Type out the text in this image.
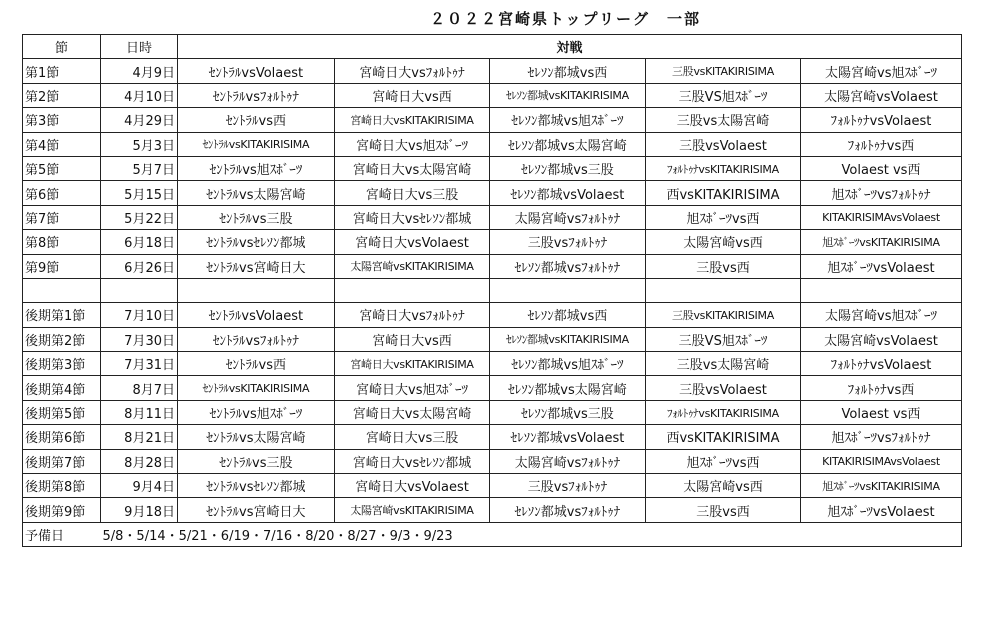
２０２２宮崎県トップリーグ　一部
節	日時	対戦				
第1節	4月9日	ｾﾝﾄﾗﾙvsVolaest	宮崎日大vsﾌｫﾙﾄｩﾅ	ｾﾚｿﾝ都城vs西	三股vsKITAKIRISIMA	太陽宮崎vs旭ｽﾎﾞｰﾂ
第2節	4月10日	ｾﾝﾄﾗﾙvsﾌｫﾙﾄｩﾅ	宮崎日大vs西	ｾﾚｿﾝ都城vsKITAKIRISIMA	三股VS旭ｽﾎﾞｰﾂ	太陽宮崎vsVolaest
第3節	4月29日	ｾﾝﾄﾗﾙvs西	宮崎日大vsKITAKIRISIMA	ｾﾚｿﾝ都城vs旭ｽﾎﾞｰﾂ	三股vs太陽宮崎	ﾌｫﾙﾄｩﾅvsVolaest
第4節	5月3日	ｾﾝﾄﾗﾙvsKITAKIRISIMA	宮崎日大vs旭ｽﾎﾞｰﾂ	ｾﾚｿﾝ都城vs太陽宮崎	三股vsVolaest	ﾌｫﾙﾄｩﾅvs西
第5節	5月7日	ｾﾝﾄﾗﾙvs旭ｽﾎﾞｰﾂ	宮崎日大vs太陽宮崎	ｾﾚｿﾝ都城vs三股	ﾌｫﾙﾄｩﾅvsKITAKIRISIMA	Volaest vs西
第6節	5月15日	ｾﾝﾄﾗﾙvs太陽宮崎	宮崎日大vs三股	ｾﾚｿﾝ都城vsVolaest	西vsKITAKIRISIMA	旭ｽﾎﾞｰﾂvsﾌｫﾙﾄｩﾅ
第7節	5月22日	ｾﾝﾄﾗﾙvs三股	宮崎日大vsｾﾚｿﾝ都城	太陽宮崎vsﾌｫﾙﾄｩﾅ	旭ｽﾎﾞｰﾂvs西	KITAKIRISIMAvsVolaest
第8節	6月18日	ｾﾝﾄﾗﾙvsｾﾚｿﾝ都城	宮崎日大vsVolaest	三股vsﾌｫﾙﾄｩﾅ	太陽宮崎vs西	旭ｽﾎﾞｰﾂvsKITAKIRISIMA
第9節	6月26日	ｾﾝﾄﾗﾙvs宮崎日大	太陽宮崎vsKITAKIRISIMA	ｾﾚｿﾝ都城vsﾌｫﾙﾄｩﾅ	三股vs西	旭ｽﾎﾞｰﾂvsVolaest

後期第1節	7月10日	ｾﾝﾄﾗﾙvsVolaest	宮崎日大vsﾌｫﾙﾄｩﾅ	ｾﾚｿﾝ都城vs西	三股vsKITAKIRISIMA	太陽宮崎vs旭ｽﾎﾞｰﾂ
後期第2節	7月30日	ｾﾝﾄﾗﾙvsﾌｫﾙﾄｩﾅ	宮崎日大vs西	ｾﾚｿﾝ都城vsKITAKIRISIMA	三股VS旭ｽﾎﾞｰﾂ	太陽宮崎vsVolaest
後期第3節	7月31日	ｾﾝﾄﾗﾙvs西	宮崎日大vsKITAKIRISIMA	ｾﾚｿﾝ都城vs旭ｽﾎﾞｰﾂ	三股vs太陽宮崎	ﾌｫﾙﾄｩﾅvsVolaest
後期第4節	8月7日	ｾﾝﾄﾗﾙvsKITAKIRISIMA	宮崎日大vs旭ｽﾎﾞｰﾂ	ｾﾚｿﾝ都城vs太陽宮崎	三股vsVolaest	ﾌｫﾙﾄｩﾅvs西
後期第5節	8月11日	ｾﾝﾄﾗﾙvs旭ｽﾎﾞｰﾂ	宮崎日大vs太陽宮崎	ｾﾚｿﾝ都城vs三股	ﾌｫﾙﾄｩﾅvsKITAKIRISIMA	Volaest vs西
後期第6節	8月21日	ｾﾝﾄﾗﾙvs太陽宮崎	宮崎日大vs三股	ｾﾚｿﾝ都城vsVolaest	西vsKITAKIRISIMA	旭ｽﾎﾞｰﾂvsﾌｫﾙﾄｩﾅ
後期第7節	8月28日	ｾﾝﾄﾗﾙvs三股	宮崎日大vsｾﾚｿﾝ都城	太陽宮崎vsﾌｫﾙﾄｩﾅ	旭ｽﾎﾞｰﾂvs西	KITAKIRISIMAvsVolaest
後期第8節	9月4日	ｾﾝﾄﾗﾙvsｾﾚｿﾝ都城	宮崎日大vsVolaest	三股vsﾌｫﾙﾄｩﾅ	太陽宮崎vs西	旭ｽﾎﾞｰﾂvsKITAKIRISIMA
後期第9節	9月18日	ｾﾝﾄﾗﾙvs宮崎日大	太陽宮崎vsKITAKIRISIMA	ｾﾚｿﾝ都城vsﾌｫﾙﾄｩﾅ	三股vs西	旭ｽﾎﾞｰﾂvsVolaest
予備日	5/8・5/14・5/21・6/19・7/16・8/20・8/27・9/3・9/23					
